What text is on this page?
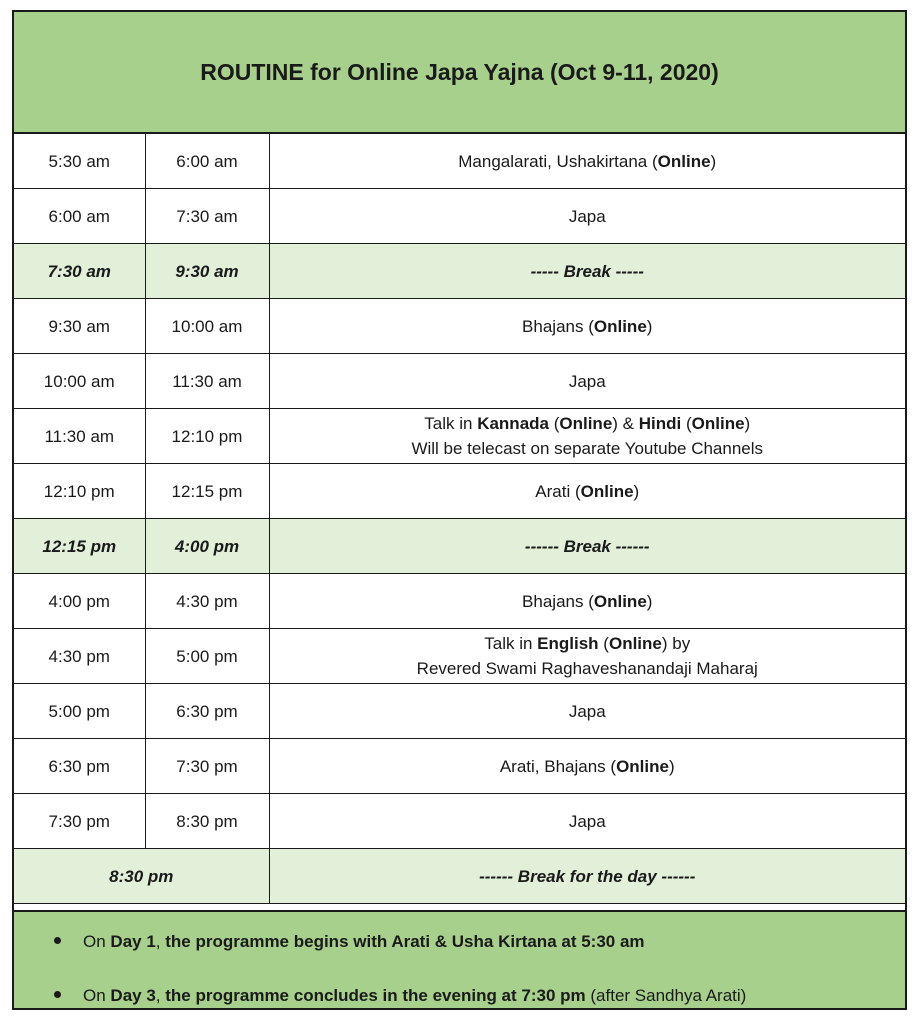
ROUTINE for Online Japa Yajna (Oct 9-11, 2020)
5:30 am	6:00 am	Mangalarati, Ushakirtana (Online)
6:00 am	7:30 am	Japa
7:30 am	9:30 am	----- Break -----
9:30 am	10:00 am	Bhajans (Online)
10:00 am	11:30 am	Japa
11:30 am	12:10 pm	Talk in Kannada (Online) & Hindi (Online)
Will be telecast on separate Youtube Channels
12:10 pm	12:15 pm	Arati (Online)
12:15 pm	4:00 pm	------ Break ------
4:00 pm	4:30 pm	Bhajans (Online)
4:30 pm	5:00 pm	Talk in English (Online) by
Revered Swami Raghaveshanandaji Maharaj
5:00 pm	6:30 pm	Japa
6:30 pm	7:30 pm	Arati, Bhajans (Online)
7:30 pm	8:30 pm	Japa
8:30 pm		------ Break for the day ------
On Day 1, the programme begins with Arati & Usha Kirtana at 5:30 am
On Day 3, the programme concludes in the evening at 7:30 pm (after Sandhya Arati)
